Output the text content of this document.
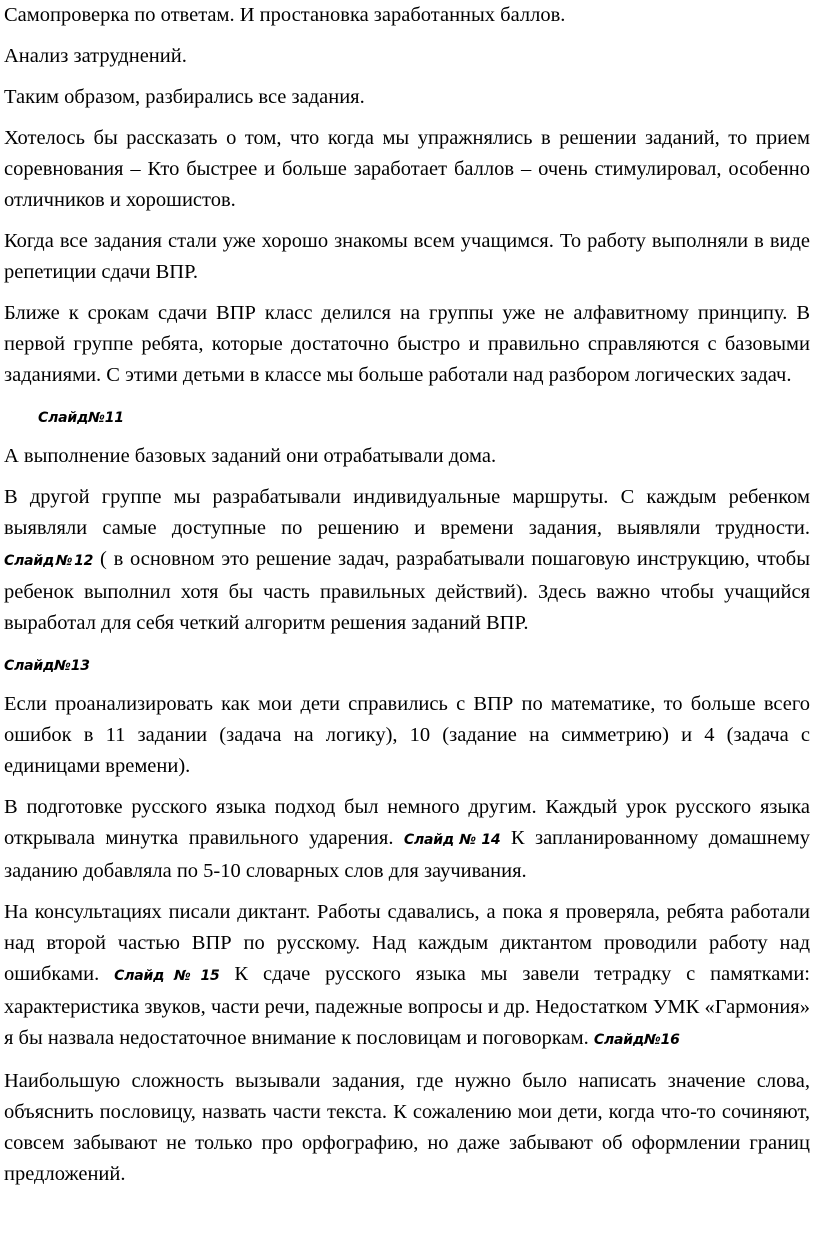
Самопроверка по ответам. И простановка заработанных баллов.

Анализ затруднений.

Таким образом, разбирались все задания.

Хотелось бы рассказать о том, что когда мы упражнялись в решении заданий, то прием соревнования – Кто быстрее и больше заработает баллов – очень стимулировал, особенно отличников и хорошистов.

Когда все задания стали уже хорошо знакомы всем учащимся. То работу выполняли в виде репетиции сдачи ВПР.

Ближе к срокам сдачи ВПР класс делился на группы уже не алфавитному принципу. В первой группе ребята, которые достаточно быстро и правильно справляются с базовыми заданиями. С этими детьми в классе мы больше работали над разбором логических задач.

Слайд№11

А выполнение базовых заданий они отрабатывали дома.

В другой группе мы разрабатывали индивидуальные маршруты. С каждым ребенком выявляли самые доступные по решению и времени задания, выявляли трудности. Слайд№12 ( в основном это решение задач, разрабатывали пошаговую инструкцию, чтобы ребенок выполнил хотя бы часть правильных действий). Здесь важно чтобы учащийся выработал для себя четкий алгоритм решения заданий ВПР.

Слайд№13

Если проанализировать как мои дети справились с ВПР по математике, то больше всего ошибок в 11 задании (задача на логику), 10 (задание на симметрию) и 4 (задача с единицами времени).

В подготовке русского языка подход был немного другим. Каждый урок русского языка открывала минутка правильного ударения. Слайд№14 К запланированному домашнему заданию добавляла по 5-10 словарных слов для заучивания.

На консультациях писали диктант. Работы сдавались, а пока я проверяла, ребята работали над второй частью ВПР по русскому. Над каждым диктантом проводили работу над ошибками. Слайд№15 К сдаче русского языка мы завели тетрадку с памятками: характеристика звуков, части речи, падежные вопросы и др. Недостатком УМК «Гармония» я бы назвала недостаточное внимание к пословицам и поговоркам. Слайд№16

Наибольшую сложность вызывали задания, где нужно было написать значение слова, объяснить пословицу, назвать части текста. К сожалению мои дети, когда что-то сочиняют, совсем забывают не только про орфографию, но даже забывают об оформлении границ предложений.
